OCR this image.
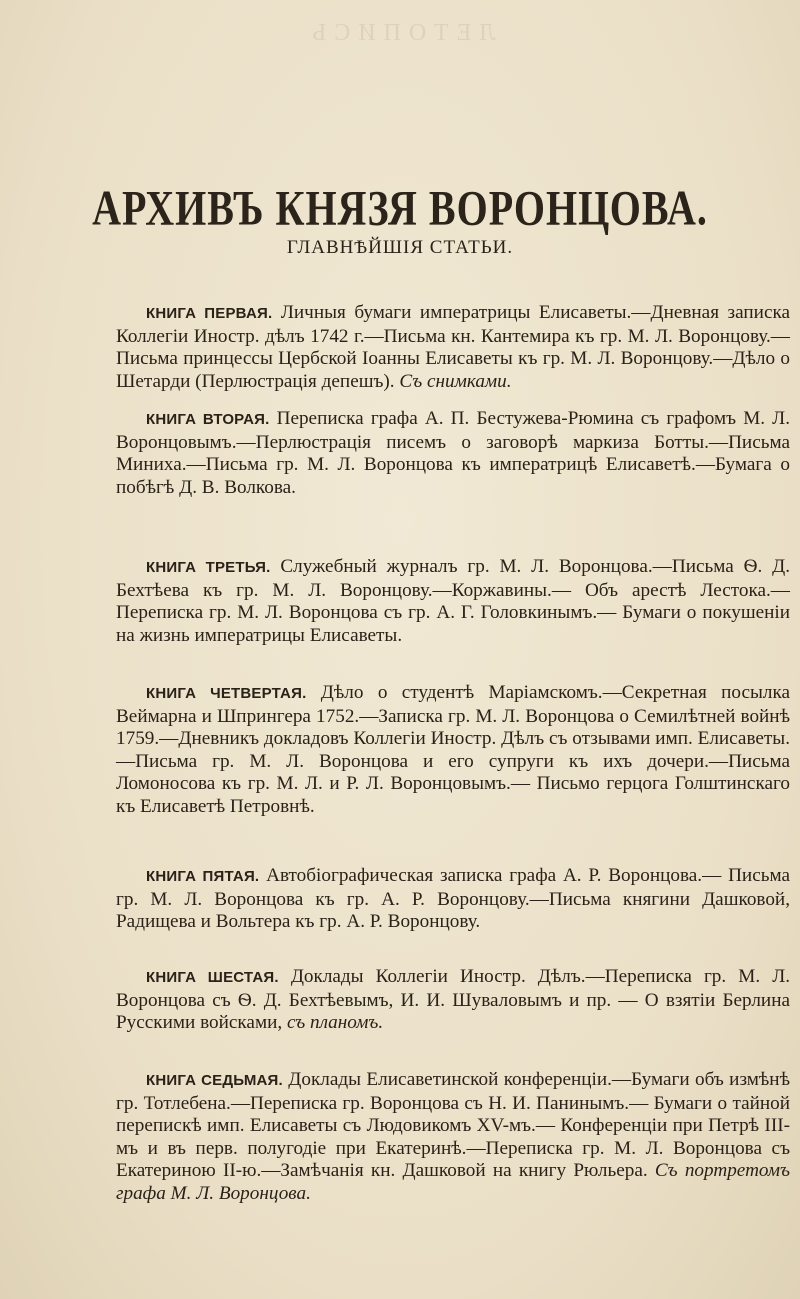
ЛЕТОПИСЬ
АРХИВЪ КНЯЗЯ ВОРОНЦОВА.
ГЛАВНѢЙШІЯ СТАТЬИ.

КНИГА ПЕРВАЯ. Личныя бумаги императрицы Елисаветы.—Дневная записка Коллегіи Иностр. дѣлъ 1742 г.—Письма кн. Кантемира къ гр. М. Л. Воронцову.—Письма принцессы Цербской Іоанны Елисаветы къ гр. М. Л. Воронцову.—Дѣло о Шетарди (Перлюстрація депешъ). Съ снимками.

КНИГА ВТОРАЯ. Переписка графа А. П. Бестужева-Рюмина съ графомъ М. Л. Воронцовымъ.—Перлюстрація писемъ о заговорѣ маркиза Ботты.—Письма Миниха.—Письма гр. М. Л. Воронцова къ императрицѣ Елисаветѣ.—Бумага о побѣгѣ Д. В. Волкова.

КНИГА ТРЕТЬЯ. Служебный журналъ гр. М. Л. Воронцова.—Письма Ѳ. Д. Бехтѣева къ гр. М. Л. Воронцову.—Коржавины.— Объ арестѣ Лестока.—Переписка гр. М. Л. Воронцова съ гр. А. Г. Головкинымъ.— Бумаги о покушеніи на жизнь императрицы Елисаветы.

КНИГА ЧЕТВЕРТАЯ. Дѣло о студентѣ Маріамскомъ.—Секретная посылка Веймарна и Шпрингера 1752.—Записка гр. М. Л. Воронцова о Семилѣтней войнѣ 1759.—Дневникъ докладовъ Коллегіи Иностр. Дѣлъ съ отзывами имп. Елисаветы.—Письма гр. М. Л. Воронцова и его супруги къ ихъ дочери.—Письма Ломоносова къ гр. М. Л. и Р. Л. Воронцовымъ.— Письмо герцога Голштинскаго къ Елисаветѣ Петровнѣ.

КНИГА ПЯТАЯ. Автобіографическая записка графа А. Р. Воронцова.— Письма гр. М. Л. Воронцова къ гр. А. Р. Воронцову.—Письма княгини Дашковой, Радищева и Вольтера къ гр. А. Р. Воронцову.

КНИГА ШЕСТАЯ. Доклады Коллегіи Иностр. Дѣлъ.—Переписка гр. М. Л. Воронцова съ Ѳ. Д. Бехтѣевымъ, И. И. Шуваловымъ и пр. — О взятіи Берлина Русскими войсками, съ планомъ.

КНИГА СЕДЬМАЯ. Доклады Елисаветинской конференціи.—Бумаги объ измѣнѣ гр. Тотлебена.—Переписка гр. Воронцова съ Н. И. Панинымъ.— Бумаги о тайной перепискѣ имп. Елисаветы съ Людовикомъ XV-мъ.— Конференціи при Петрѣ III-мъ и въ перв. полугодіе при Екатеринѣ.—Переписка гр. М. Л. Воронцова съ Екатериною II-ю.—Замѣчанія кн. Дашковой на книгу Рюльера. Съ портретомъ графа М. Л. Воронцова.
